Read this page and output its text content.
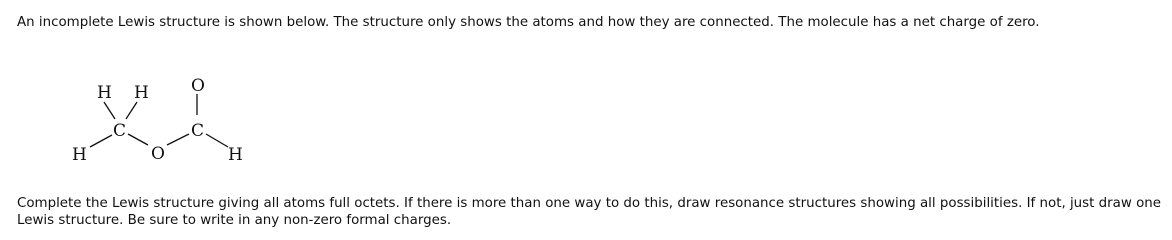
An incomplete Lewis structure is shown below. The structure only shows the atoms and how they are connected. The molecule has a net charge of zero.
H H
H
C
O
O
C
H
Complete the Lewis structure giving all atoms full octets. If there is more than one way to do this, draw resonance structures showing all possibilities. If not, just draw one Lewis structure. Be sure to write in any non-zero formal charges.
